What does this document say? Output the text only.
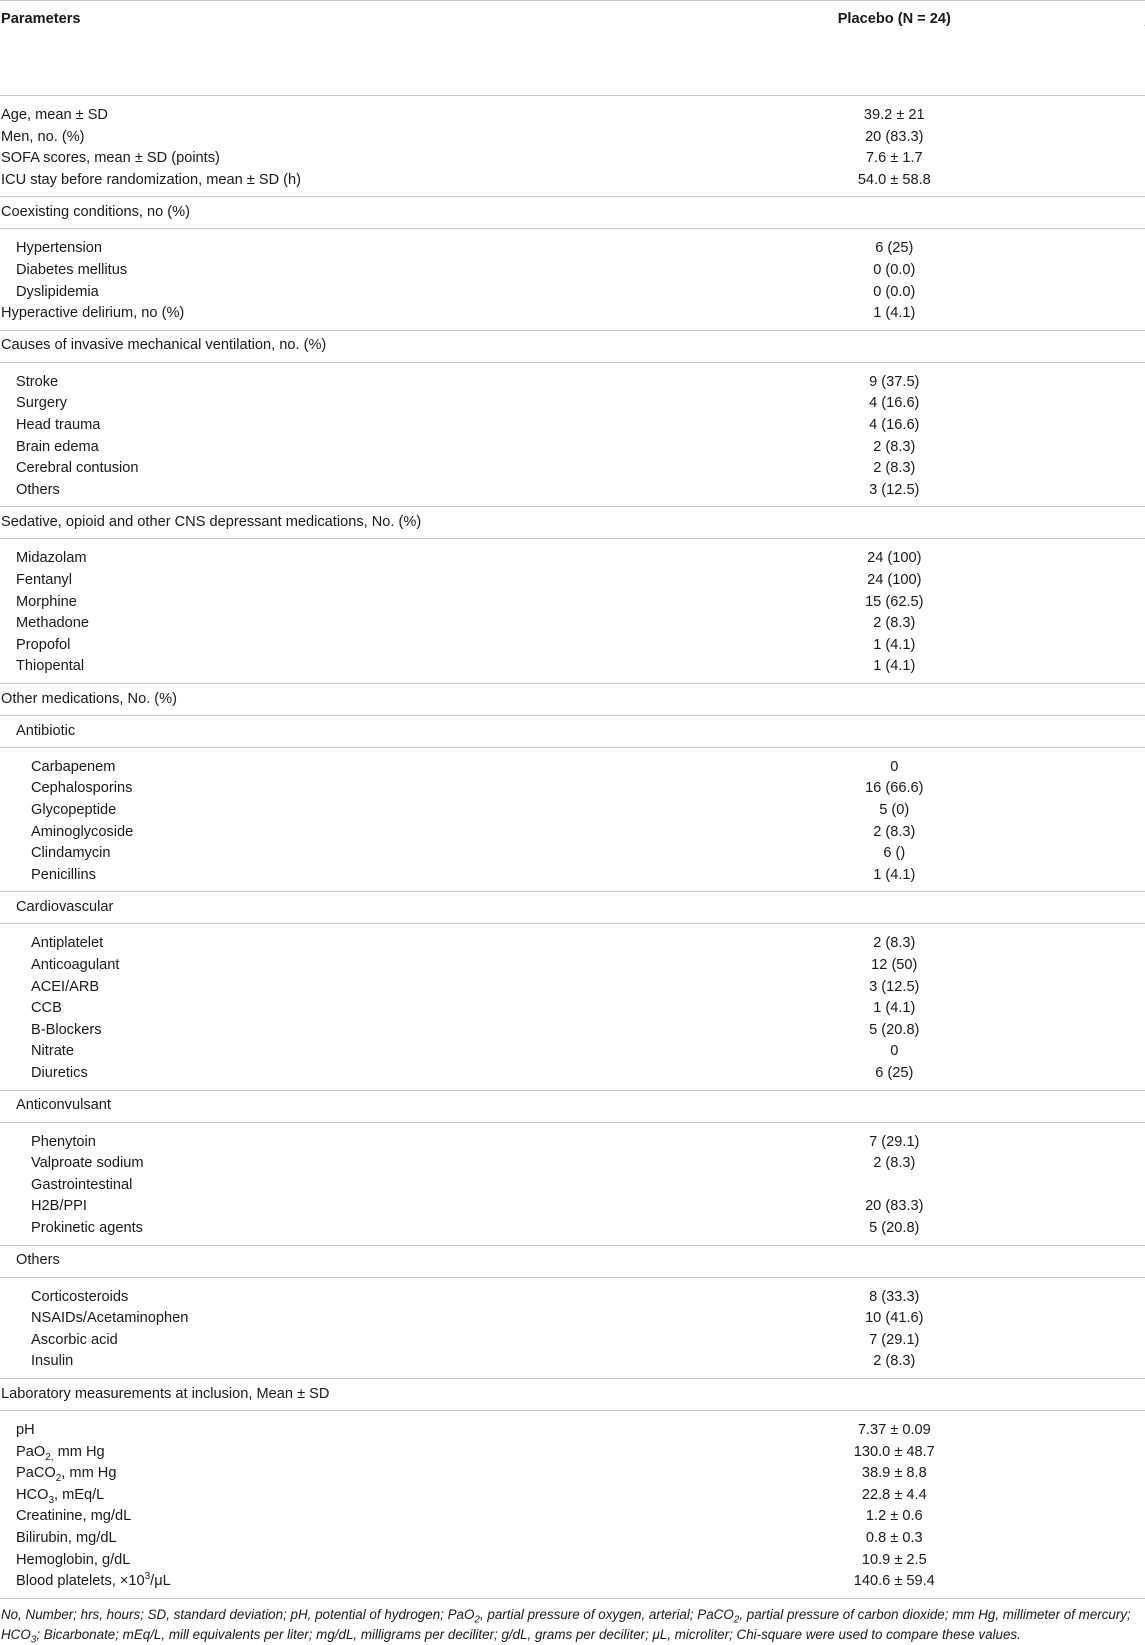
Parameters	Placebo (N = 24)

Age, mean ± SD	39.2 ± 21			
Men, no. (%)	20 (83.3)			
SOFA scores, mean ± SD (points)	7.6 ± 1.7			
ICU stay before randomization, mean ± SD (h)	54.0 ± 58.8			
Coexisting conditions, no (%)		
Hypertension	6 (25)			
Diabetes mellitus	0 (0.0)			
Dyslipidemia	0 (0.0)			
Hyperactive delirium, no (%)	1 (4.1)			
Causes of invasive mechanical ventilation, no. (%)		
Stroke	9 (37.5)			
Surgery	4 (16.6)			
Head trauma	4 (16.6)			
Brain edema	2 (8.3)			
Cerebral contusion	2 (8.3)			
Others	3 (12.5)			
Sedative, opioid and other CNS depressant medications, No. (%)		
Midazolam	24 (100)			
Fentanyl	24 (100)			
Morphine	15 (62.5)			
Methadone	2 (8.3)			
Propofol	1 (4.1)			
Thiopental	1 (4.1)			
Other medications, No. (%)		
Antibiotic		
Carbapenem	0			
Cephalosporins	16 (66.6)			
Glycopeptide	5 (0)			
Aminoglycoside	2 (8.3)			
Clindamycin	6 ()			
Penicillins	1 (4.1)			
Cardiovascular		
Antiplatelet	2 (8.3)			
Anticoagulant	12 (50)			
ACEI/ARB	3 (12.5)			
CCB	1 (4.1)			
B-Blockers	5 (20.8)			
Nitrate	0			
Diuretics	6 (25)			
Anticonvulsant		
Phenytoin	7 (29.1)			
Valproate sodium	2 (8.3)			
Gastrointestinal				
H2B/PPI	20 (83.3)			
Prokinetic agents	5 (20.8)			
Others		
Corticosteroids	8 (33.3)			
NSAIDs/Acetaminophen	10 (41.6)			
Ascorbic acid	7 (29.1)			
Insulin	2 (8.3)			
Laboratory measurements at inclusion, Mean ± SD		
pH	7.37 ± 0.09			
PaO$_{2,}$ mm Hg	130.0 ± 48.7			
PaCO$_2$, mm Hg	38.9 ± 8.8			
$HCO_3$, mEq/L	22.8 ± 4.4			
Creatinine, mg/dL	1.2 ± 0.6			
Bilirubin, mg/dL	0.8 ± 0.3			
Hemoglobin, g/dL	10.9 ± 2.5			
Blood platelets, $\times 10^3/\mu L$	140.6 ± 59.4			
No, Number; hrs, hours; SD, standard deviation; pH, potential of hydrogen; PaO$_2$, partial pressure of oxygen, arterial; PaCO$_2$, partial pressure of carbon dioxide; mm Hg, millimeter of mercury; $HCO_3$; Bicarbonate; mEq/L, mill equivalents per liter; mg/dL, milligrams per deciliter; g/dL, grams per deciliter; μL, microliter; Chi-square were used to compare these values.
